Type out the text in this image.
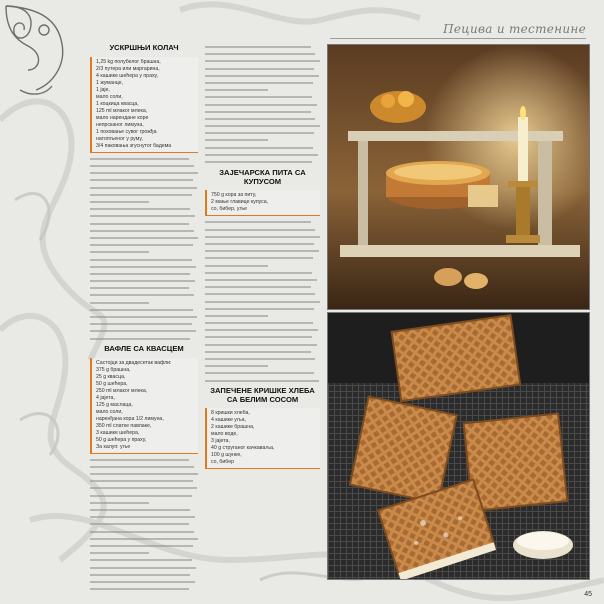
Пецива и тестенине
УСКРШЊИ КОЛАЧ
1,25 kg полубелог брашна,
2/3 путера или маргарина,
4 кашике шећера у праху,
1 жуманце,
1 јаје,
мало соли,
1 коцкица квасца,
125 ml млаког млека,
мало нарендане коре
непрсканог лимуна,
1 поховање сувог грожђа
натопљеног у руму,
3/4 паковања згуснутог бадема
ВАФЛЕ СА КВАСЦЕМ
Састојци за двадесетак вафли:
375 g брашна,
25 g квасца,
50 g шећера,
250 ml млаког млека,
4 јајета,
125 g маслаца,
мало соли,
наренђана кора 1/2 лимуна,
350 ml слатке павлаке,
3 кашике шећера,
50 g шећера у праху,
За калуп: уље
ЗАЈЕЧАРСКА ПИТА СА КУПУСОМ
750 g кора за питу,
2 мање главице купуса,
со, бибер, уље
ЗАПЕЧЕНЕ КРИШКЕ ХЛЕБА СА БЕЛИМ СОСОМ
8 кришки хлеба,
4 кашике уља,
2 кашике брашна,
мало воде,
3 јајета,
40 g струганог качкаваља,
100 g шунке,
со, бибер
45
